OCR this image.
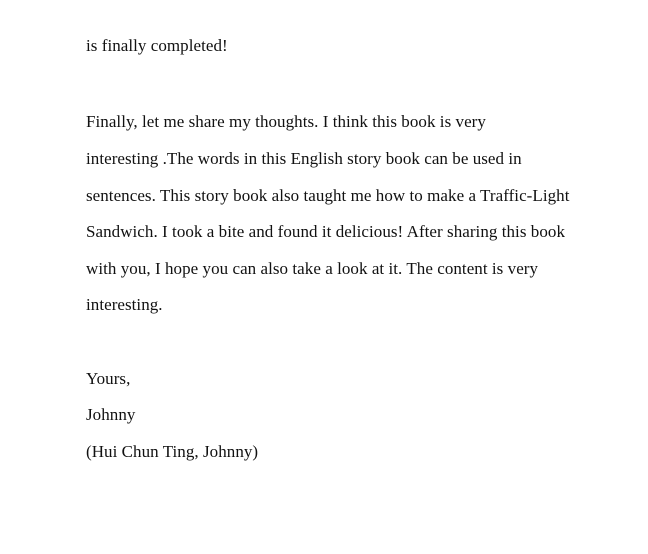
is finally completed!

Finally, let me share my thoughts. I think this book is very

interesting .The words in this English story book can be used in

sentences. This story book also taught me how to make a Traffic-Light

Sandwich. I took a bite and found it delicious! After sharing this book

with you, I hope you can also take a look at it. The content is very

interesting.

Yours,

Johnny

(Hui Chun Ting, Johnny)
